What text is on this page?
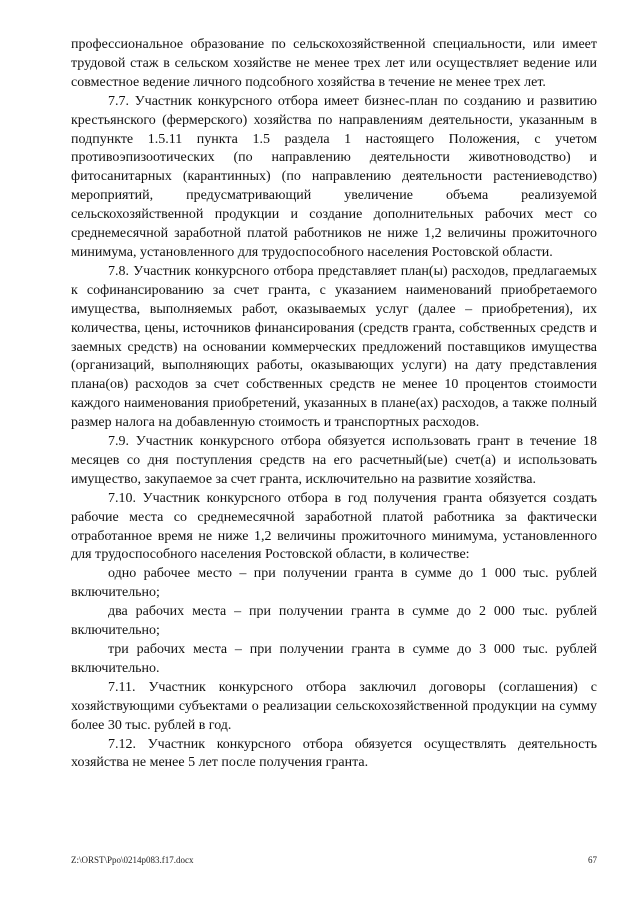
профессиональное образование по сельскохозяйственной специальности, или имеет трудовой стаж в сельском хозяйстве не менее трех лет или осуществляет ведение или совместное ведение личного подсобного хозяйства в течение не менее трех лет.

7.7. Участник конкурсного отбора имеет бизнес-план по созданию и развитию крестьянского (фермерского) хозяйства по направлениям деятельности, указанным в подпункте 1.5.11 пункта 1.5 раздела 1 настоящего Положения, с учетом противоэпизоотических (по направлению деятельности животноводство) и фитосанитарных (карантинных) (по направлению деятельности растениеводство) мероприятий, предусматривающий увеличение объема реализуемой сельскохозяйственной продукции и создание дополнительных рабочих мест со среднемесячной заработной платой работников не ниже 1,2 величины прожиточного минимума, установленного для трудоспособного населения Ростовской области.

7.8. Участник конкурсного отбора представляет план(ы) расходов, предлагаемых к софинансированию за счет гранта, с указанием наименований приобретаемого имущества, выполняемых работ, оказываемых услуг (далее – приобретения), их количества, цены, источников финансирования (средств гранта, собственных средств и заемных средств) на основании коммерческих предложений поставщиков имущества (организаций, выполняющих работы, оказывающих услуги) на дату представления плана(ов) расходов за счет собственных средств не менее 10 процентов стоимости каждого наименования приобретений, указанных в плане(ах) расходов, а также полный размер налога на добавленную стоимость и транспортных расходов.

7.9. Участник конкурсного отбора обязуется использовать грант в течение 18 месяцев со дня поступления средств на его расчетный(ые) счет(а) и использовать имущество, закупаемое за счет гранта, исключительно на развитие хозяйства.

7.10. Участник конкурсного отбора в год получения гранта обязуется создать рабочие места со среднемесячной заработной платой работника за фактически отработанное время не ниже 1,2 величины прожиточного минимума, установленного для трудоспособного населения Ростовской области, в количестве:

одно рабочее место – при получении гранта в сумме до 1 000 тыс. рублей включительно;

два рабочих места – при получении гранта в сумме до 2 000 тыс. рублей включительно;

три рабочих места – при получении гранта в сумме до 3 000 тыс. рублей включительно.

7.11. Участник конкурсного отбора заключил договоры (соглашения) с хозяйствующими субъектами о реализации сельскохозяйственной продукции на сумму более 30 тыс. рублей в год.

7.12. Участник конкурсного отбора обязуется осуществлять деятельность хозяйства не менее 5 лет после получения гранта.

Z:\ORST\Ppo\0214p083.f17.docx	67
